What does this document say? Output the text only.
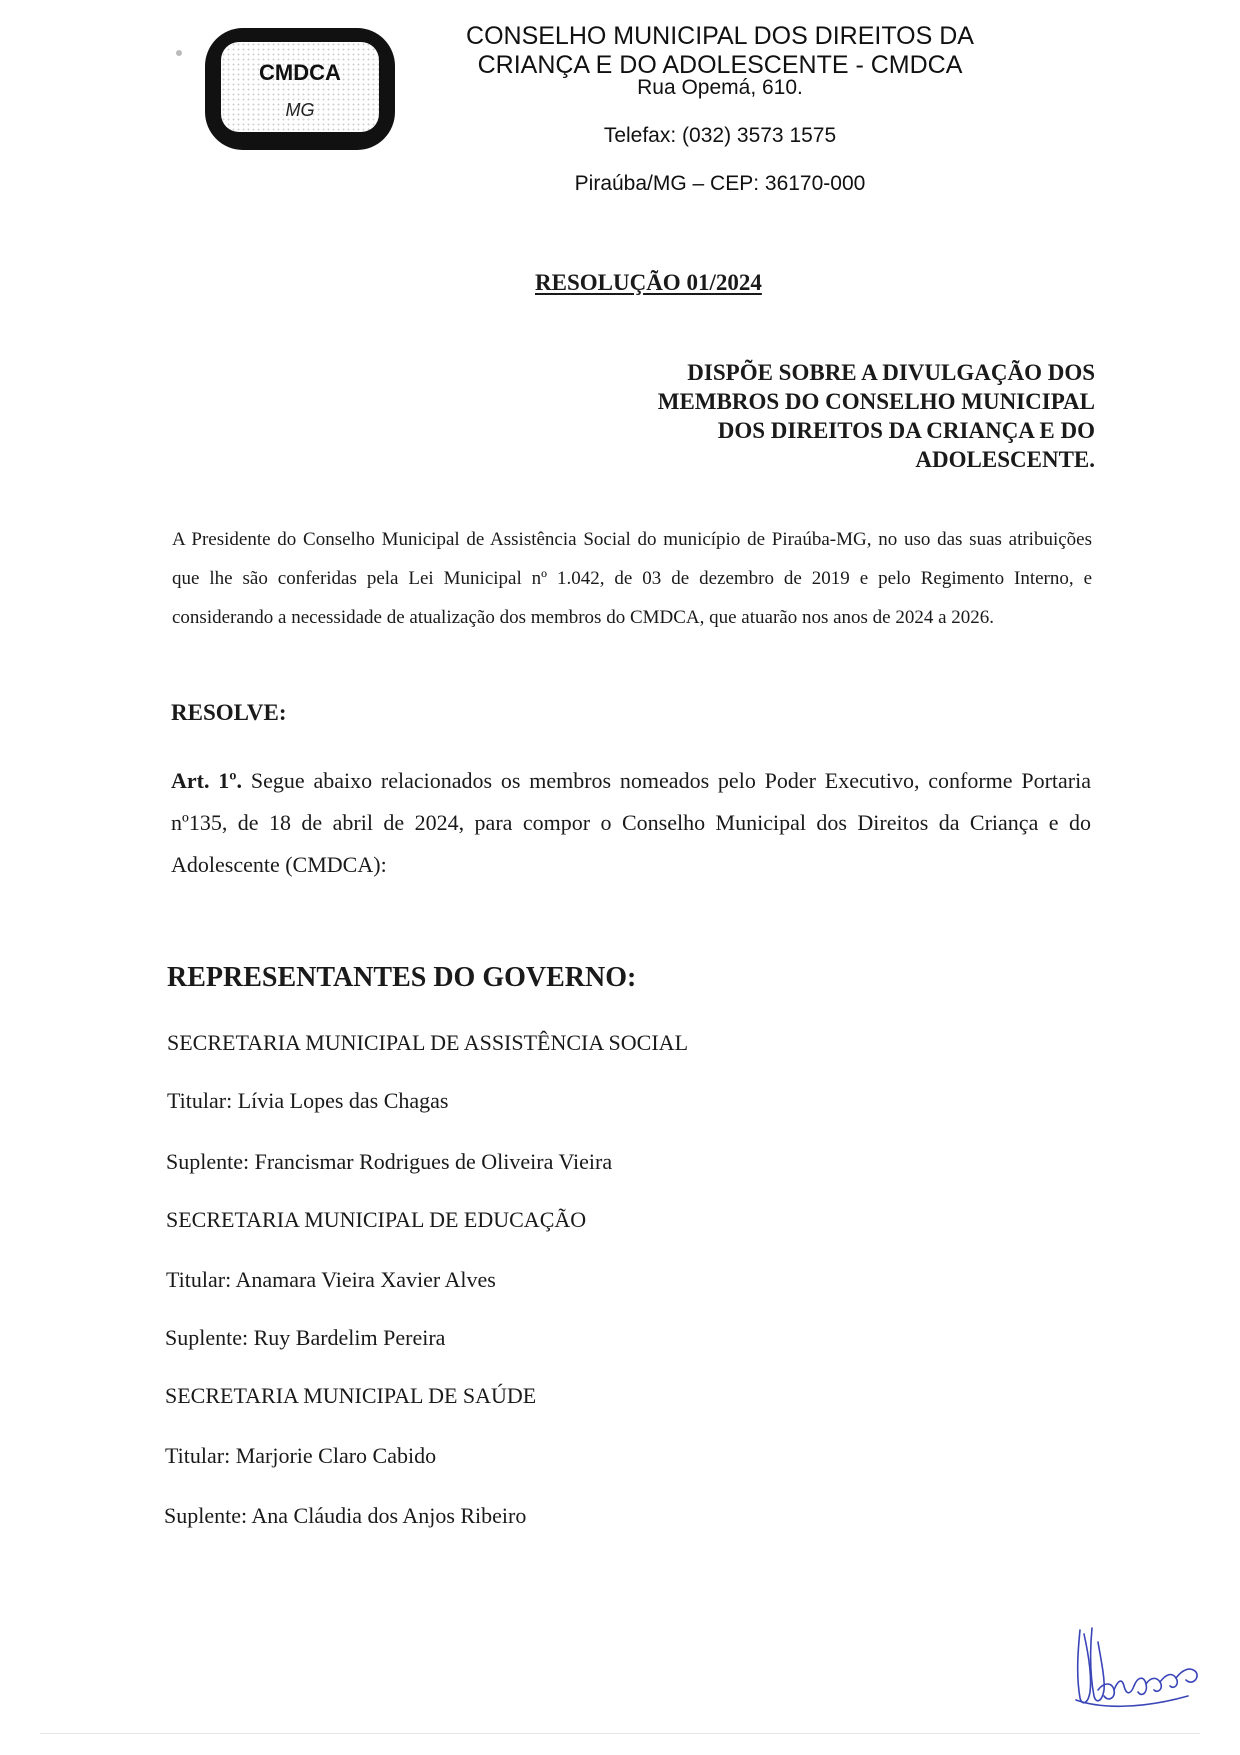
CMDCA
MG
CONSELHO MUNICIPAL DOS DIREITOS DA
CRIANÇA E DO ADOLESCENTE - CMDCA
Rua Opemá, 610.
Telefax: (032) 3573 1575
Piraúba/MG – CEP: 36170-000
RESOLUÇÃO 01/2024
DISPÕE SOBRE A DIVULGAÇÃO DOS
MEMBROS DO CONSELHO MUNICIPAL
DOS DIREITOS DA CRIANÇA E DO
ADOLESCENTE.
A Presidente do Conselho Municipal de Assistência Social do município de Piraúba-MG, no uso das suas atribuições que lhe são conferidas pela Lei Municipal nº 1.042, de 03 de dezembro de 2019 e pelo Regimento Interno, e considerando a necessidade de atualização dos membros do CMDCA, que atuarão nos anos de 2024 a 2026.
RESOLVE:
Art. 1º. Segue abaixo relacionados os membros nomeados pelo Poder Executivo, conforme Portaria nº135, de 18 de abril de 2024, para compor o Conselho Municipal dos Direitos da Criança e do Adolescente (CMDCA):
REPRESENTANTES DO GOVERNO:
SECRETARIA MUNICIPAL DE ASSISTÊNCIA SOCIAL
Titular: Lívia Lopes das Chagas
Suplente: Francismar Rodrigues de Oliveira Vieira
SECRETARIA MUNICIPAL DE EDUCAÇÃO
Titular: Anamara Vieira Xavier Alves
Suplente: Ruy Bardelim Pereira
SECRETARIA MUNICIPAL DE SAÚDE
Titular: Marjorie Claro Cabido
Suplente: Ana Cláudia dos Anjos Ribeiro
